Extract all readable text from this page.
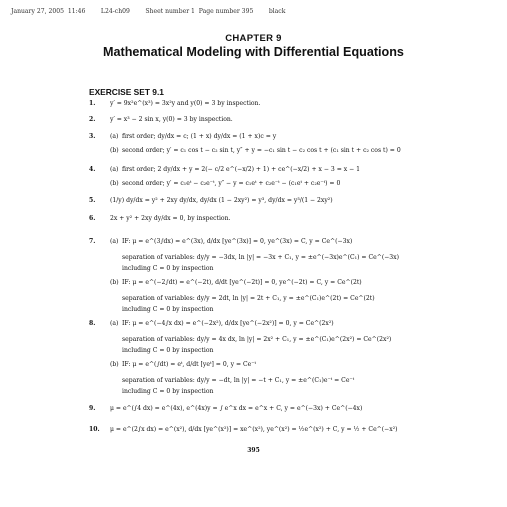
January 27, 2005  11:46        L24-ch09        Sheet number 1  Page number 395        black
CHAPTER 9
Mathematical Modeling with Differential Equations
EXERCISE SET 9.1
1. y′ = 9x²e^(x³) = 3x²y and y(0) = 3 by inspection.
2. y′ = x³ − 2 sin x, y(0) = 3 by inspection.
3. (a) first order; dy/dx = c; (1 + x) dy/dx = (1 + x)c = y
(b) second order; y′ = c₁ cos t − c₂ sin t, y″ + y = −c₁ sin t − c₂ cos t + (c₁ sin t + c₂ cos t) = 0
4. (a) first order; 2 dy/dx + y = 2(− c/2 e^(−x/2) + 1) + ce^(−x/2) + x − 3 = x − 1
(b) second order; y′ = c₁eᵗ − c₂e⁻ᵗ, y″ − y = c₁eᵗ + c₂e⁻ᵗ − (c₁eᵗ + c₂e⁻ᵗ) = 0
5. (1/y) dy/dx = y² + 2xy dy/dx, dy/dx (1 − 2xy²) = y³, dy/dx = y³/(1 − 2xy²)
6. 2x + y² + 2xy dy/dx = 0, by inspection.
7. (a) IF: μ = e^(3∫dx) = e^(3x), d/dx [ye^(3x)] = 0, ye^(3x) = C, y = Ce^(−3x)
separation of variables: dy/y = −3dx, ln |y| = −3x + C₁, y = ±e^(−3x)e^(C₁) = Ce^(−3x)
including C = 0 by inspection
(b) IF: μ = e^(−2∫dt) = e^(−2t), d/dt [ye^(−2t)] = 0, ye^(−2t) = C, y = Ce^(2t)
separation of variables: dy/y = 2dt, ln |y| = 2t + C₁, y = ±e^(C₁)e^(2t) = Ce^(2t)
including C = 0 by inspection
8. (a) IF: μ = e^(−4∫x dx) = e^(−2x²), d/dx [ye^(−2x²)] = 0, y = Ce^(2x²)
separation of variables: dy/y = 4x dx, ln |y| = 2x² + C₁, y = ±e^(C₁)e^(2x²) = Ce^(2x²)
including C = 0 by inspection
(b) IF: μ = e^(∫dt) = eᵗ, d/dt [yeᵗ] = 0, y = Ce⁻ᵗ
separation of variables: dy/y = −dt, ln |y| = −t + C₁, y = ±e^(C₁)e⁻ᵗ = Ce⁻ᵗ
including C = 0 by inspection
9. μ = e^(∫4 dx) = e^(4x), e^(4x)y = ∫ e^x dx = e^x + C, y = e^(−3x) + Ce^(−4x)
10. μ = e^(2∫x dx) = e^(x²), d/dx [ye^(x²)] = xe^(x²), ye^(x²) = ½e^(x²) + C, y = ½ + Ce^(−x²)
395
